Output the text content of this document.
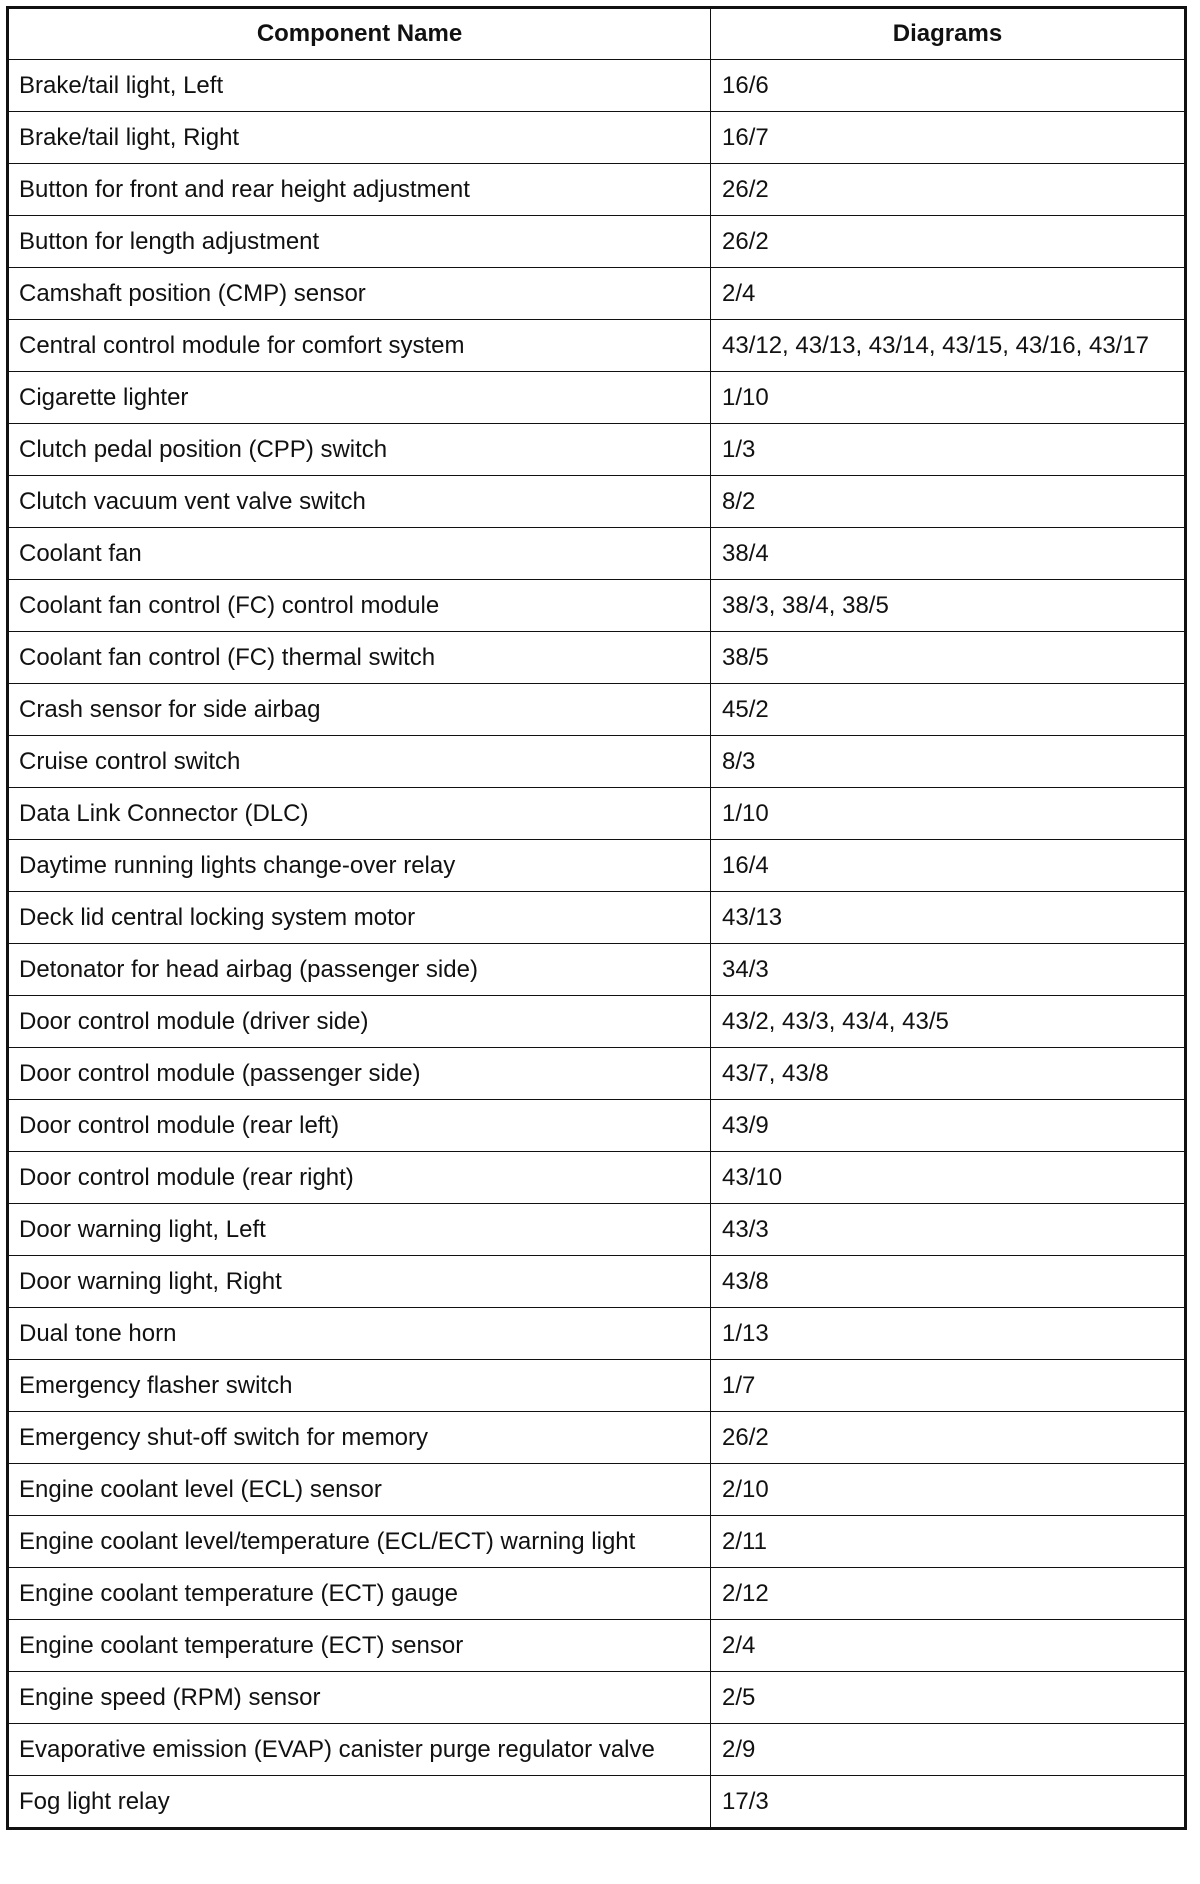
Component Name	Diagrams
Brake/tail light, Left	16/6
Brake/tail light, Right	16/7
Button for front and rear height adjustment	26/2
Button for length adjustment	26/2
Camshaft position (CMP) sensor	2/4
Central control module for comfort system	43/12, 43/13, 43/14, 43/15, 43/16, 43/17
Cigarette lighter	1/10
Clutch pedal position (CPP) switch	1/3
Clutch vacuum vent valve switch	8/2
Coolant fan	38/4
Coolant fan control (FC) control module	38/3, 38/4, 38/5
Coolant fan control (FC) thermal switch	38/5
Crash sensor for side airbag	45/2
Cruise control switch	8/3
Data Link Connector (DLC)	1/10
Daytime running lights change-over relay	16/4
Deck lid central locking system motor	43/13
Detonator for head airbag (passenger side)	34/3
Door control module (driver side)	43/2, 43/3, 43/4, 43/5
Door control module (passenger side)	43/7, 43/8
Door control module (rear left)	43/9
Door control module (rear right)	43/10
Door warning light, Left	43/3
Door warning light, Right	43/8
Dual tone horn	1/13
Emergency flasher switch	1/7
Emergency shut-off switch for memory	26/2
Engine coolant level (ECL) sensor	2/10
Engine coolant level/temperature (ECL/ECT) warning light	2/11
Engine coolant temperature (ECT) gauge	2/12
Engine coolant temperature (ECT) sensor	2/4
Engine speed (RPM) sensor	2/5
Evaporative emission (EVAP) canister purge regulator valve	2/9
Fog light relay	17/3
